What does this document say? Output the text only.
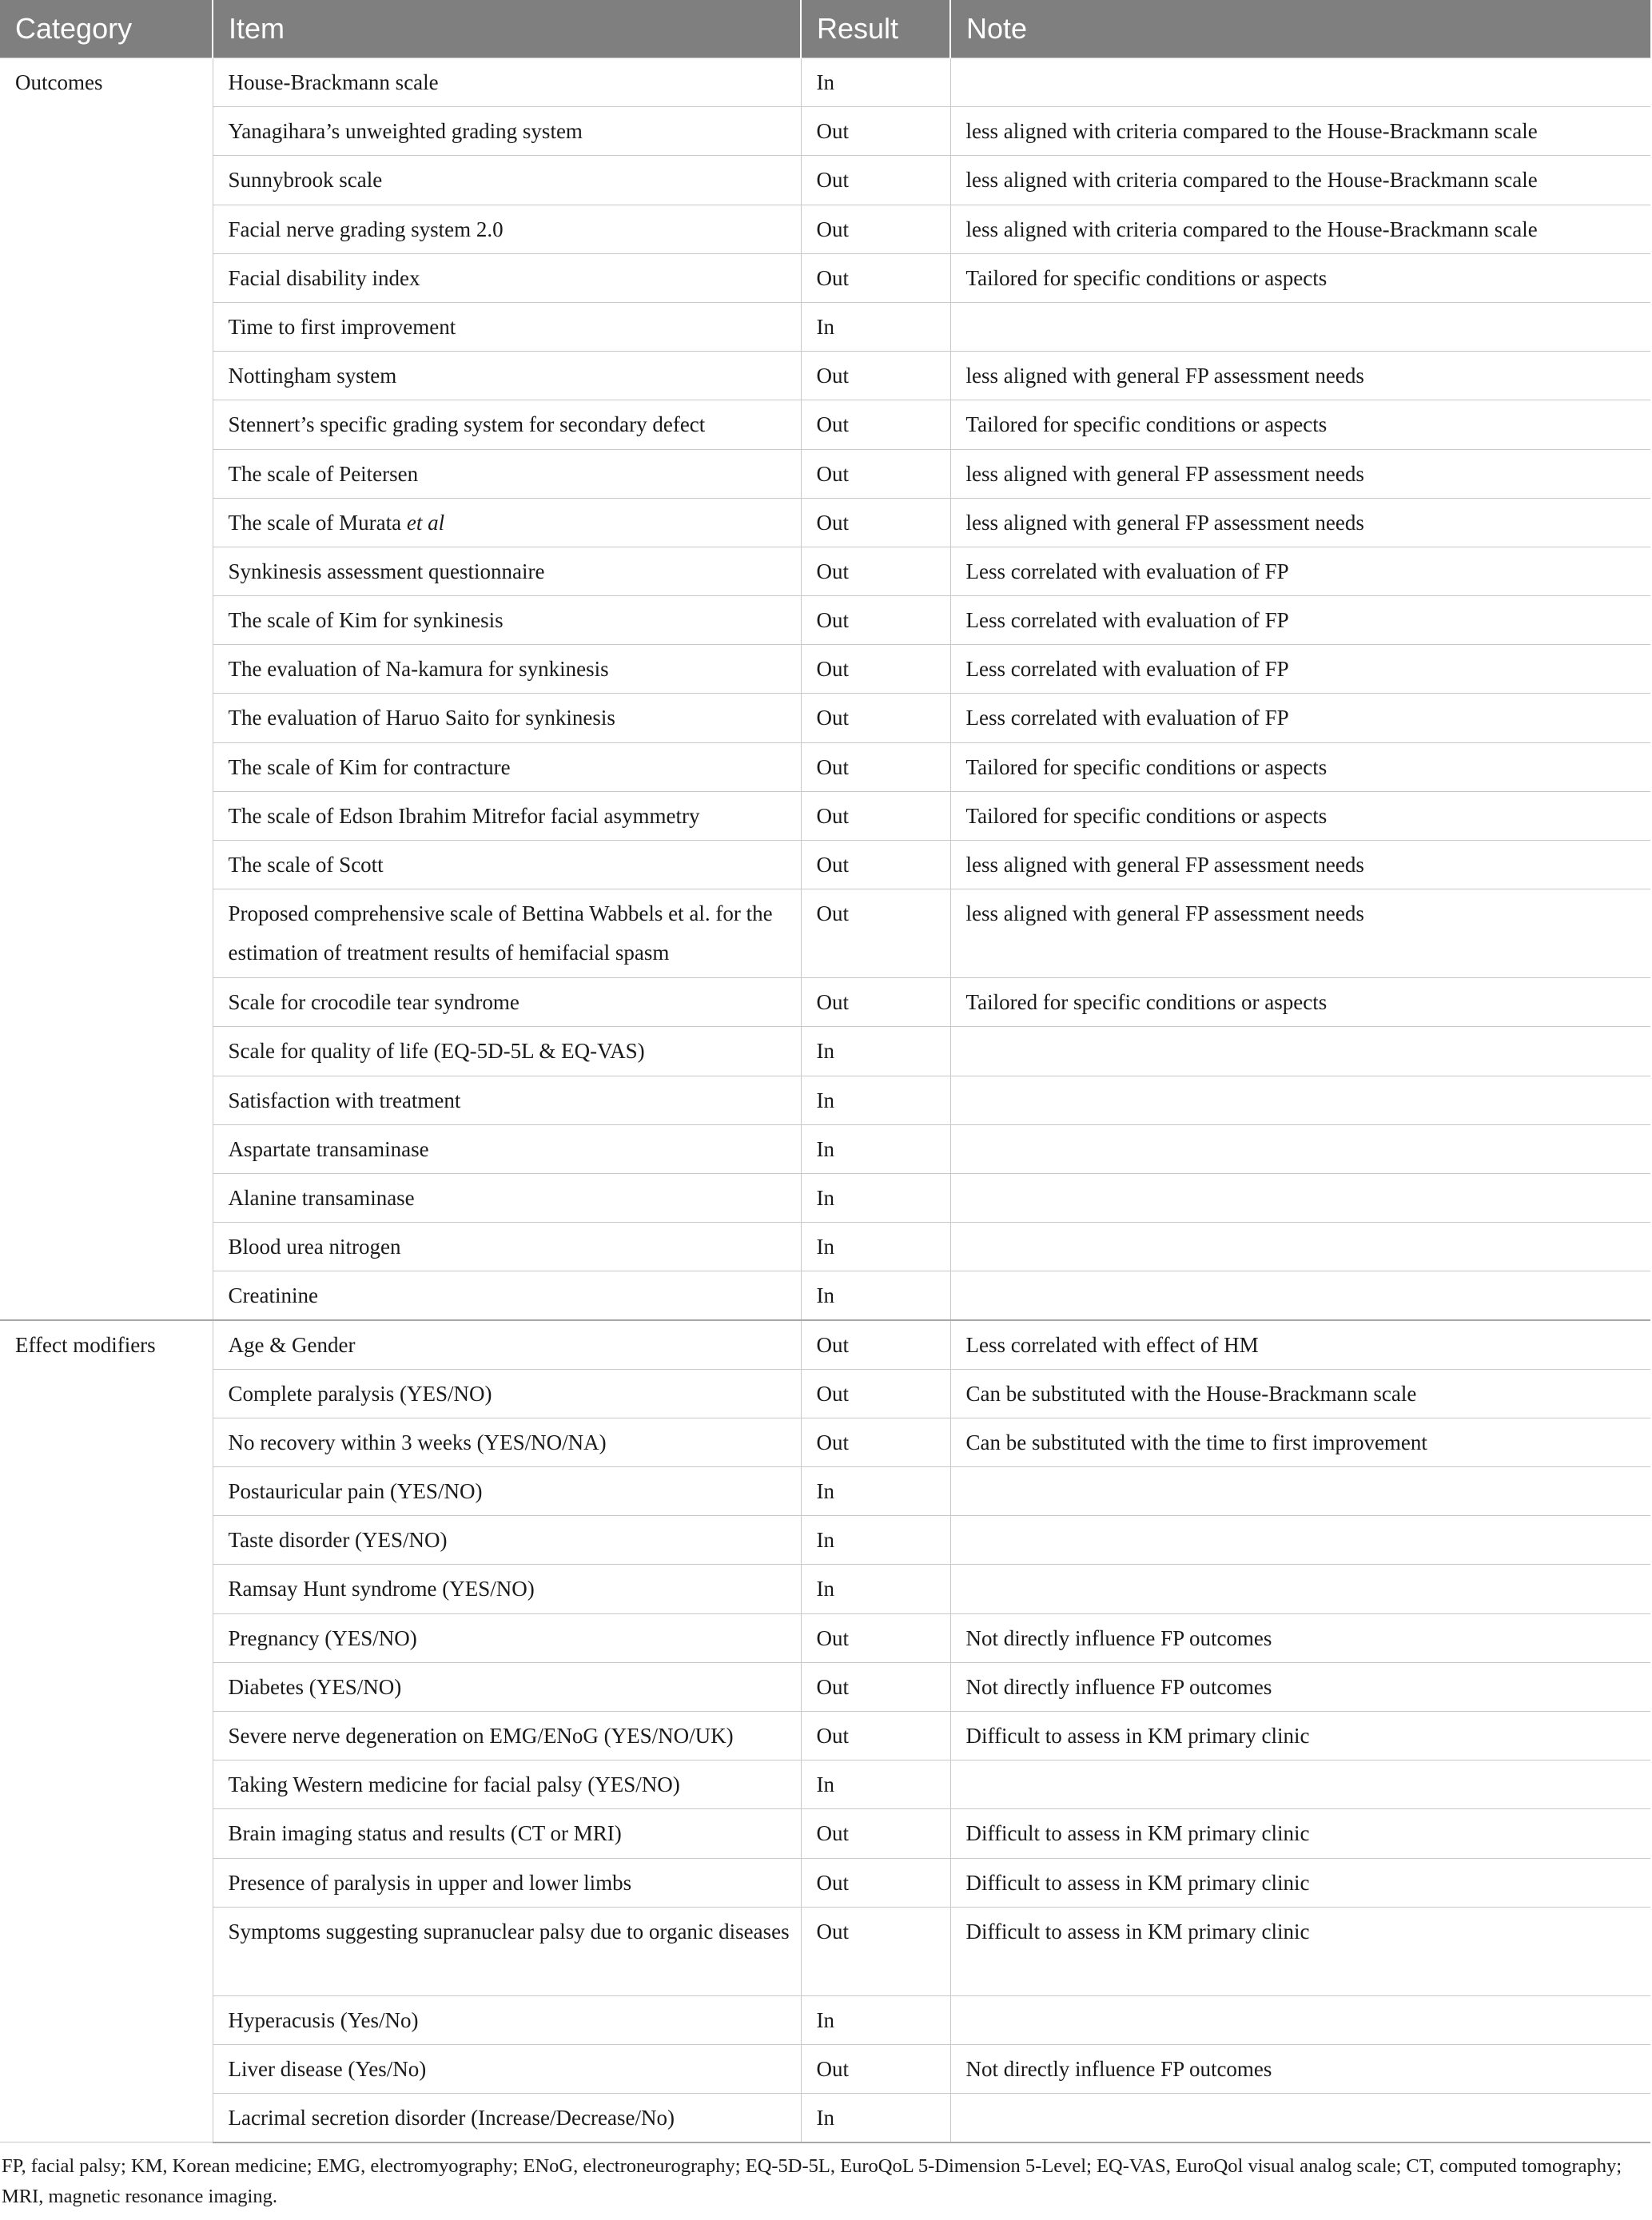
Category	Item	Result	Note

Outcomes	House-Brackmann scale	In	

	Yanagihara’s unweighted grading system	Out	less aligned with criteria compared to the House-Brackmann scale

	Sunnybrook scale	Out	less aligned with criteria compared to the House-Brackmann scale

	Facial nerve grading system 2.0	Out	less aligned with criteria compared to the House-Brackmann scale

	Facial disability index	Out	Tailored for specific conditions or aspects

	Time to first improvement	In	

	Nottingham system	Out	less aligned with general FP assessment needs

	Stennert’s specific grading system for secondary defect	Out	Tailored for specific conditions or aspects

	The scale of Peitersen	Out	less aligned with general FP assessment needs

	The scale of Murata et al	Out	less aligned with general FP assessment needs

	Synkinesis assessment questionnaire	Out	Less correlated with evaluation of FP

	The scale of Kim for synkinesis	Out	Less correlated with evaluation of FP

	The evaluation of Na-kamura for synkinesis	Out	Less correlated with evaluation of FP

	The evaluation of Haruo Saito for synkinesis	Out	Less correlated with evaluation of FP

	The scale of Kim for contracture	Out	Tailored for specific conditions or aspects

	The scale of Edson Ibrahim Mitrefor facial asymmetry	Out	Tailored for specific conditions or aspects

	The scale of Scott	Out	less aligned with general FP assessment needs

	Proposed comprehensive scale of Bettina Wabbels et al. for the estimation of treatment results of hemifacial spasm	Out	less aligned with general FP assessment needs

	Scale for crocodile tear syndrome	Out	Tailored for specific conditions or aspects

	Scale for quality of life (EQ-5D-5L & EQ-VAS)	In	

	Satisfaction with treatment	In	

	Aspartate transaminase	In	

	Alanine transaminase	In	

	Blood urea nitrogen	In	

	Creatinine	In	

Effect modifiers	Age & Gender	Out	Less correlated with effect of HM

	Complete paralysis (YES/NO)	Out	Can be substituted with the House-Brackmann scale

	No recovery within 3 weeks (YES/NO/NA)	Out	Can be substituted with the time to first improvement

	Postauricular pain (YES/NO)	In	

	Taste disorder (YES/NO)	In	

	Ramsay Hunt syndrome (YES/NO)	In	

	Pregnancy (YES/NO)	Out	Not directly influence FP outcomes

	Diabetes (YES/NO)	Out	Not directly influence FP outcomes

	Severe nerve degeneration on EMG/ENoG (YES/NO/UK)	Out	Difficult to assess in KM primary clinic

	Taking Western medicine for facial palsy (YES/NO)	In	

	Brain imaging status and results (CT or MRI)	Out	Difficult to assess in KM primary clinic

	Presence of paralysis in upper and lower limbs	Out	Difficult to assess in KM primary clinic

	Symptoms suggesting supranuclear palsy due to organic diseases	Out	Difficult to assess in KM primary clinic

	Hyperacusis (Yes/No)	In	

	Liver disease (Yes/No)	Out	Not directly influence FP outcomes

	Lacrimal secretion disorder (Increase/Decrease/No)	In	

FP, facial palsy; KM, Korean medicine; EMG, electromyography; ENoG, electroneurography; EQ-5D-5L, EuroQoL 5-Dimension 5-Level; EQ-VAS, EuroQol visual analog scale; CT, computed tomography; MRI, magnetic resonance imaging.
